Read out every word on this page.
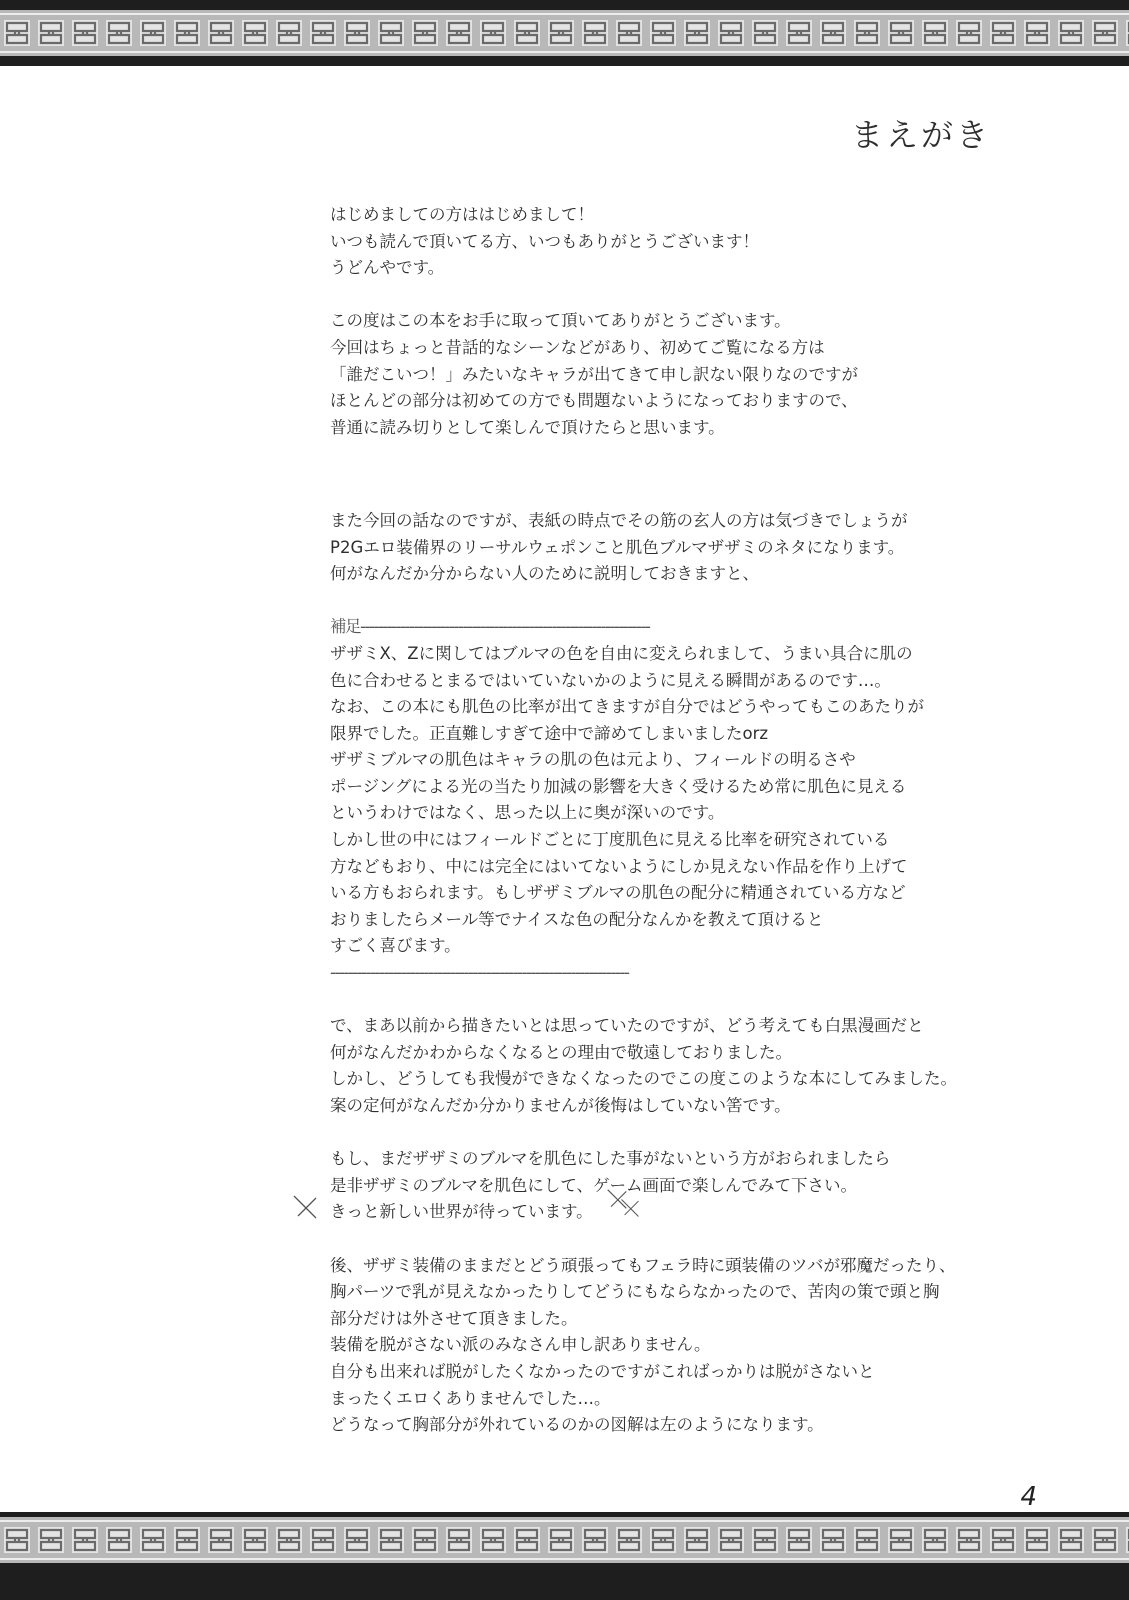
まえがき
はじめましての方ははじめまして！
いつも読んで頂いてる方、いつもありがとうございます！
うどんやです。
この度はこの本をお手に取って頂いてありがとうございます。
今回はちょっと昔話的なシーンなどがあり、初めてご覧になる方は
「誰だこいつ！」みたいなキャラが出てきて申し訳ない限りなのですが
ほとんどの部分は初めての方でも問題ないようになっておりますので、
普通に読み切りとして楽しんで頂けたらと思います。
また今回の話なのですが、表紙の時点でその筋の玄人の方は気づきでしょうが
P2Gエロ装備界のリーサルウェポンこと肌色ブルマザザミのネタになります。
何がなんだか分からない人のために説明しておきますと、
補足-----------------------------------------------------------------
ザザミX、Zに関してはブルマの色を自由に変えられまして、うまい具合に肌の
色に合わせるとまるではいていないかのように見える瞬間があるのです…。
なお、この本にも肌色の比率が出てきますが自分ではどうやってもこのあたりが
限界でした。正直難しすぎて途中で諦めてしまいましたorz
ザザミブルマの肌色はキャラの肌の色は元より、フィールドの明るさや
ポージングによる光の当たり加減の影響を大きく受けるため常に肌色に見える
というわけではなく、思った以上に奥が深いのです。
しかし世の中にはフィールドごとに丁度肌色に見える比率を研究されている
方などもおり、中には完全にはいてないようにしか見えない作品を作り上げて
いる方もおられます。もしザザミブルマの肌色の配分に精通されている方など
おりましたらメール等でナイスな色の配分なんかを教えて頂けると
すごく喜びます。
-------------------------------------------------------------------
で、まあ以前から描きたいとは思っていたのですが、どう考えても白黒漫画だと
何がなんだかわからなくなるとの理由で敬遠しておりました。
しかし、どうしても我慢ができなくなったのでこの度このような本にしてみました。
案の定何がなんだか分かりませんが後悔はしていない筈です。
もし、まだザザミのブルマを肌色にした事がないという方がおられましたら
是非ザザミのブルマを肌色にして、ゲーム画面で楽しんでみて下さい。
きっと新しい世界が待っています。
後、ザザミ装備のままだとどう頑張ってもフェラ時に頭装備のツバが邪魔だったり、
胸パーツで乳が見えなかったりしてどうにもならなかったので、苦肉の策で頭と胸
部分だけは外させて頂きました。
装備を脱がさない派のみなさん申し訳ありません。
自分も出来れば脱がしたくなかったのですがこればっかりは脱がさないと
まったくエロくありませんでした…。
どうなって胸部分が外れているのかの図解は左のようになります。

4
